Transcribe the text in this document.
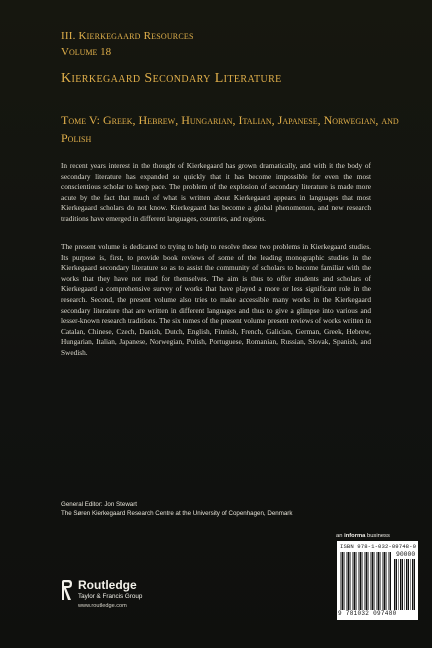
III. Kierkegaard Resources
Volume 18
Kierkegaard Secondary Literature
Tome V: Greek, Hebrew, Hungarian, Italian, Japanese, Norwegian, and Polish
In recent years interest in the thought of Kierkegaard has grown dramatically, and with it the body of secondary literature has expanded so quickly that it has become impossible for even the most conscientious scholar to keep pace. The problem of the explosion of secondary literature is made more acute by the fact that much of what is written about Kierkegaard appears in languages that most Kierkegaard scholars do not know. Kierkegaard has become a global phenomenon, and new research traditions have emerged in different languages, countries, and regions.
The present volume is dedicated to trying to help to resolve these two problems in Kierkegaard studies. Its purpose is, first, to provide book reviews of some of the leading monographic studies in the Kierkegaard secondary literature so as to assist the community of scholars to become familiar with the works that they have not read for themselves. The aim is thus to offer students and scholars of Kierkegaard a comprehensive survey of works that have played a more or less significant role in the research. Second, the present volume also tries to make accessible many works in the Kierkegaard secondary literature that are written in different languages and thus to give a glimpse into various and lesser-known research traditions. The six tomes of the present volume present reviews of works written in Catalan, Chinese, Czech, Danish, Dutch, English, Finnish, French, Galician, German, Greek, Hebrew, Hungarian, Italian, Japanese, Norwegian, Polish, Portuguese, Romanian, Russian, Slovak, Spanish, and Swedish.
General Editor: Jon Stewart
The Søren Kierkegaard Research Centre at the University of Copenhagen, Denmark
Routledge
Taylor & Francis Group
www.routledge.com
an informa business
ISBN 978-1-032-09748-0
90000
9 781032 097480
